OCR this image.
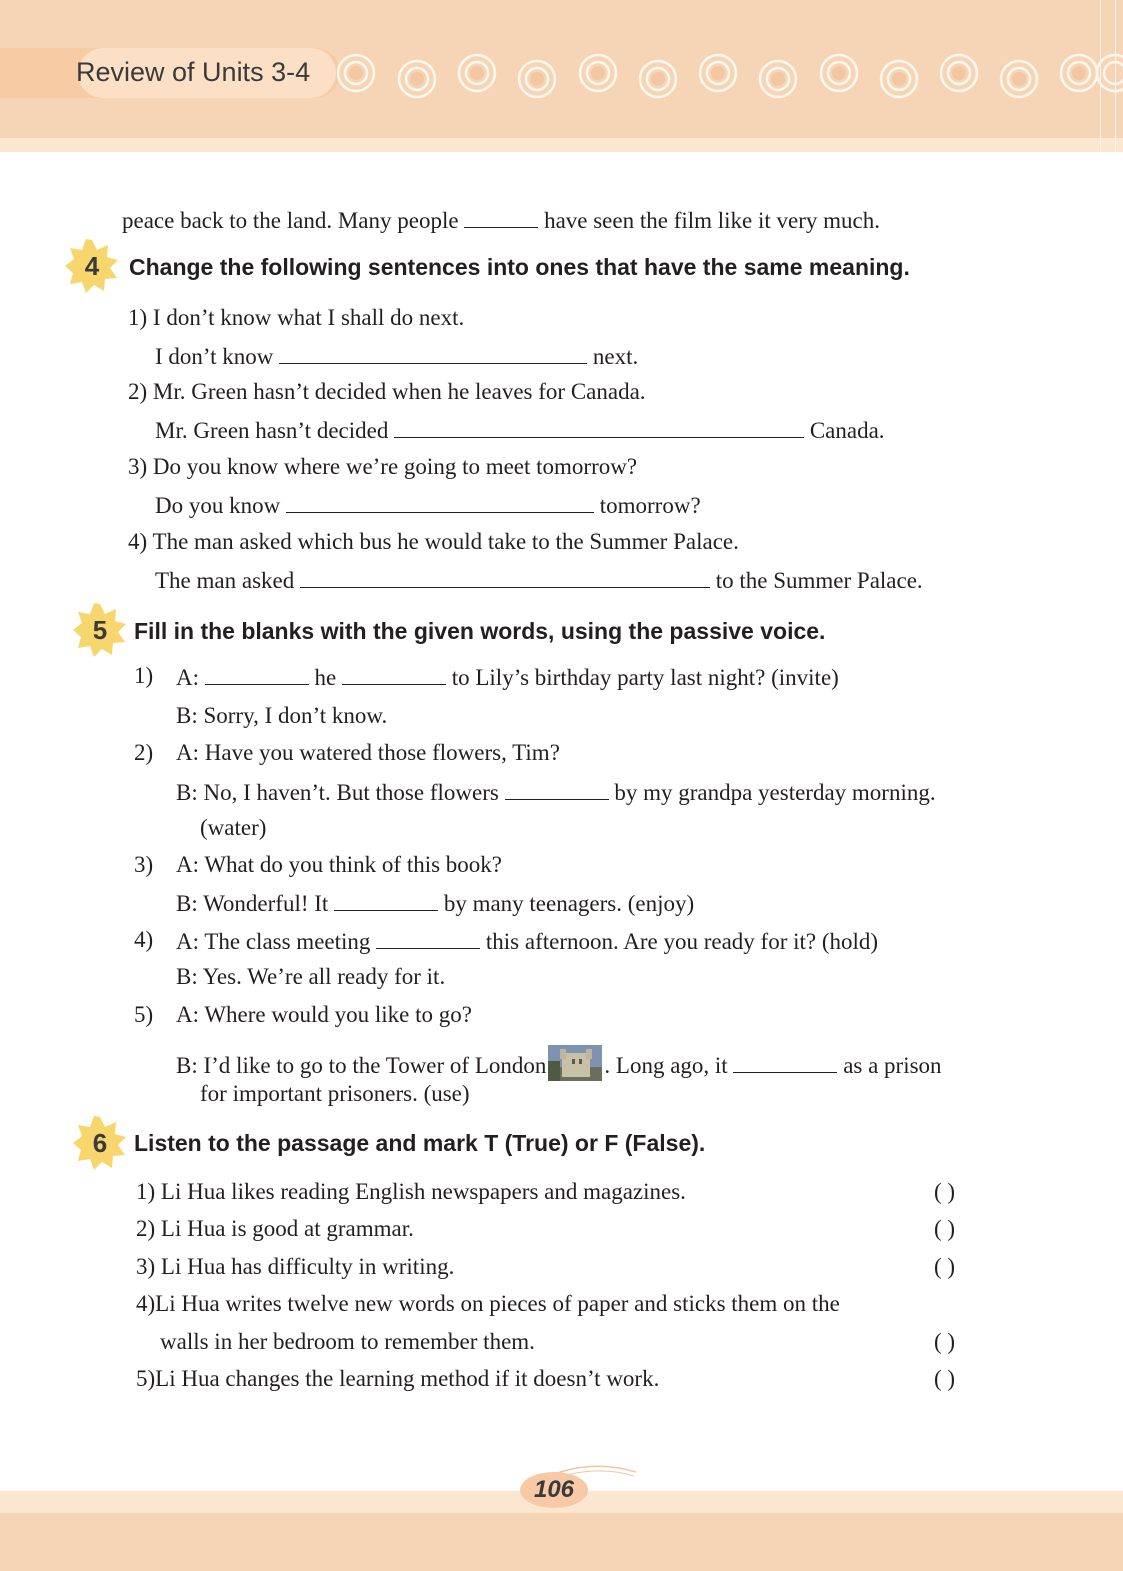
Review of Units 3-4
peace back to the land. Many people	have seen the film like it very much.
4	Change the following sentences into ones that have the same meaning.
1) I don’t know what I shall do next.
I don’t know	next.
2) Mr. Green hasn’t decided when he leaves for Canada.
Mr. Green hasn’t decided	Canada.
3) Do you know where we’re going to meet tomorrow?
Do you know	tomorrow?
4) The man asked which bus he would take to the Summer Palace.
The man asked	to the Summer Palace.
5	Fill in the blanks with the given words, using the passive voice.
1) A:	he	to Lily’s birthday party last night? (invite)
B: Sorry, I don’t know.
2) A: Have you watered those flowers, Tim?
B: No, I haven’t. But those flowers	by my grandpa yesterday morning.
(water)
3) A: What do you think of this book?
B: Wonderful! It	by many teenagers. (enjoy)
4) A: The class meeting	this afternoon. Are you ready for it? (hold)
B: Yes. We’re all ready for it.
5) A: Where would you like to go?
B: I’d like to go to the Tower of London	. Long ago, it	as a prison
for important prisoners. (use)
6	Listen to the passage and mark T (True) or F (False).
1) Li Hua likes reading English newspapers and magazines.	( )
2) Li Hua is good at grammar.	( )
3) Li Hua has difficulty in writing.	( )
4)Li Hua writes twelve new words on pieces of paper and sticks them on the
walls in her bedroom to remember them.	( )
5)Li Hua changes the learning method if it doesn’t work.	( )
106
